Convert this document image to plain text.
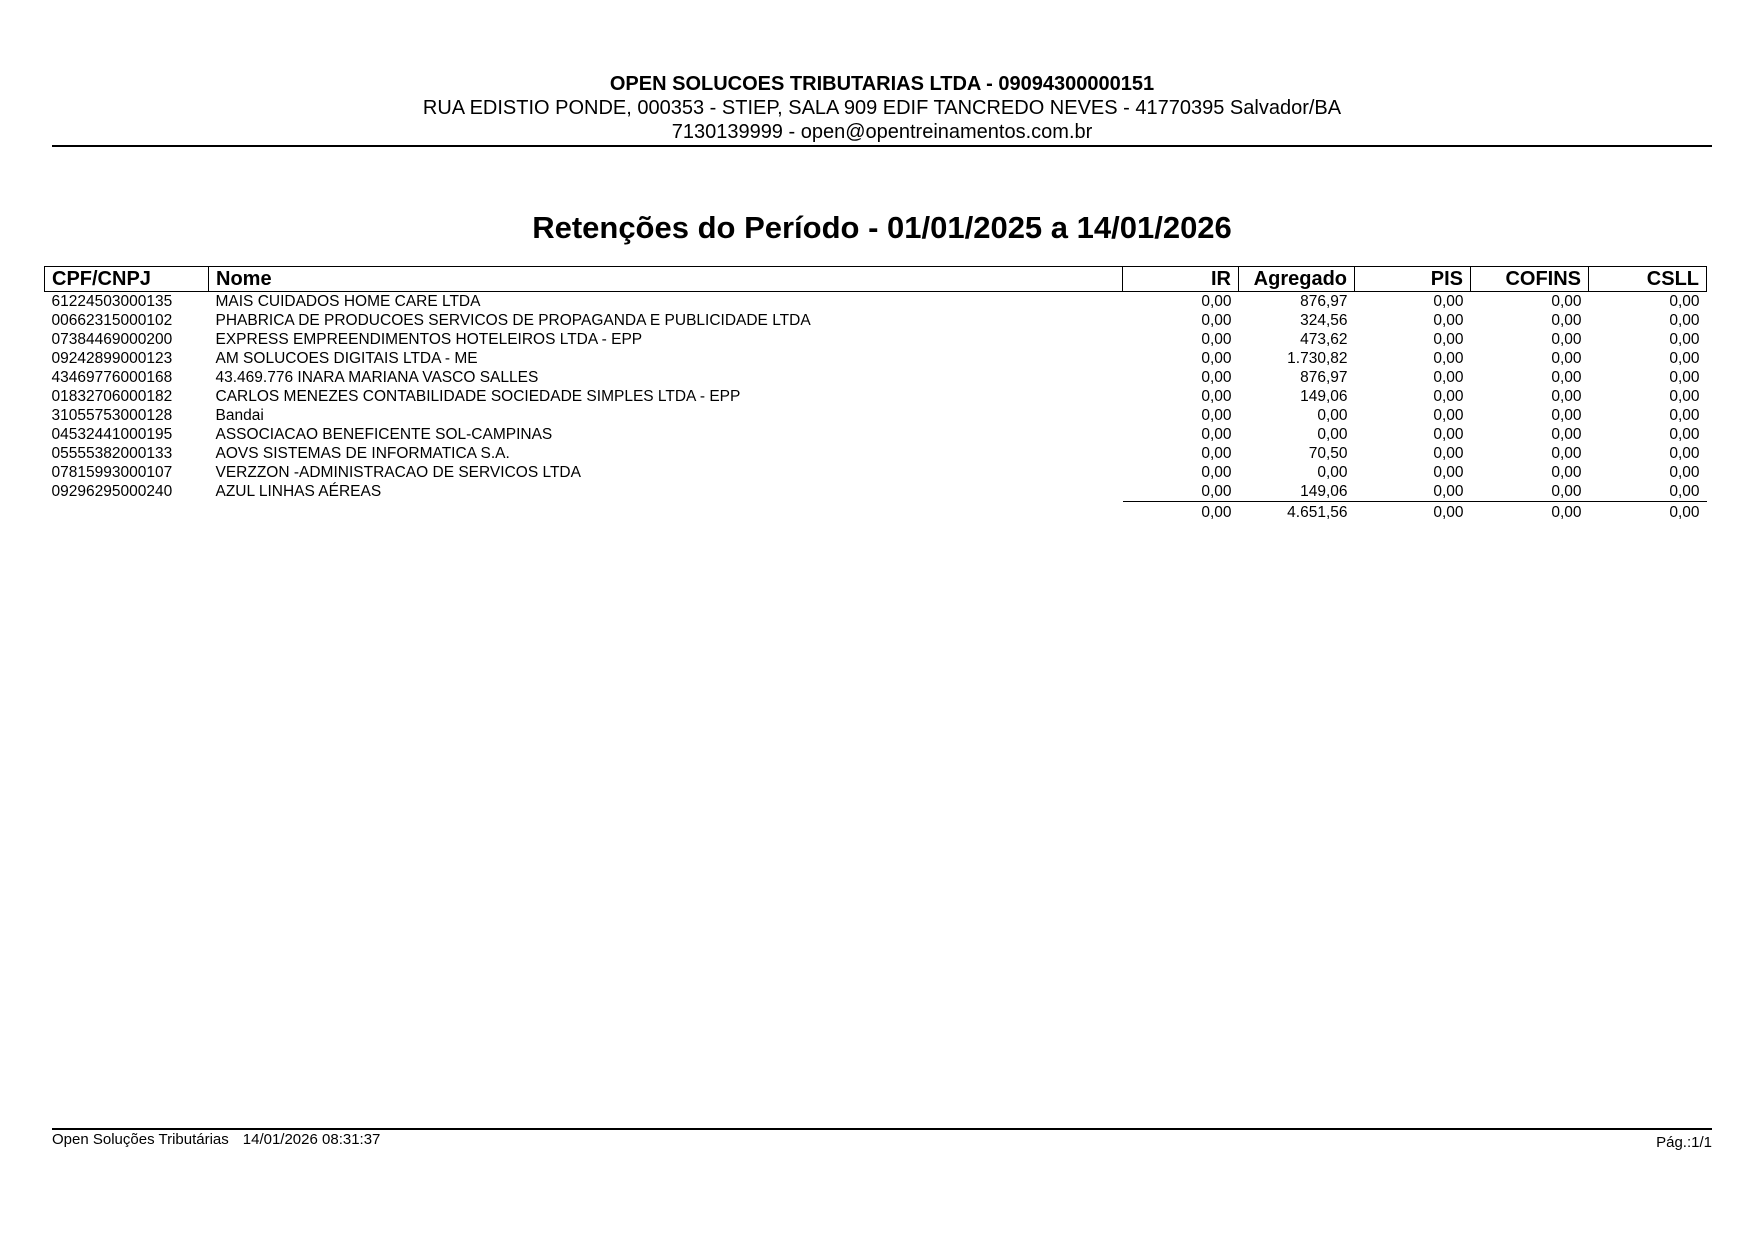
OPEN SOLUCOES TRIBUTARIAS LTDA - 09094300000151
RUA EDISTIO PONDE, 000353 - STIEP, SALA 909 EDIF TANCREDO NEVES - 41770395 Salvador/BA
7130139999 - open@opentreinamentos.com.br
Retenções do Período - 01/01/2025 a 14/01/2026
CPF/CNPJ	Nome	IR	Agregado	PIS	COFINS	CSLL
61224503000135	MAIS CUIDADOS HOME CARE LTDA	0,00	876,97	0,00	0,00	0,00
00662315000102	PHABRICA DE PRODUCOES SERVICOS DE PROPAGANDA E PUBLICIDADE LTDA	0,00	324,56	0,00	0,00	0,00
07384469000200	EXPRESS EMPREENDIMENTOS HOTELEIROS LTDA - EPP	0,00	473,62	0,00	0,00	0,00
09242899000123	AM SOLUCOES DIGITAIS LTDA - ME	0,00	1.730,82	0,00	0,00	0,00
43469776000168	43.469.776 INARA MARIANA VASCO SALLES	0,00	876,97	0,00	0,00	0,00
01832706000182	CARLOS MENEZES CONTABILIDADE SOCIEDADE SIMPLES LTDA - EPP	0,00	149,06	0,00	0,00	0,00
31055753000128	Bandai	0,00	0,00	0,00	0,00	0,00
04532441000195	ASSOCIACAO BENEFICENTE SOL-CAMPINAS	0,00	0,00	0,00	0,00	0,00
05555382000133	AOVS SISTEMAS DE INFORMATICA S.A.	0,00	70,50	0,00	0,00	0,00
07815993000107	VERZZON -ADMINISTRACAO DE SERVICOS LTDA	0,00	0,00	0,00	0,00	0,00
09296295000240	AZUL LINHAS AÉREAS	0,00	149,06	0,00	0,00	0,00
		0,00	4.651,56	0,00	0,00	0,00
Open Soluções Tributárias 14/01/2026 08:31:37	Pág.:1/1
